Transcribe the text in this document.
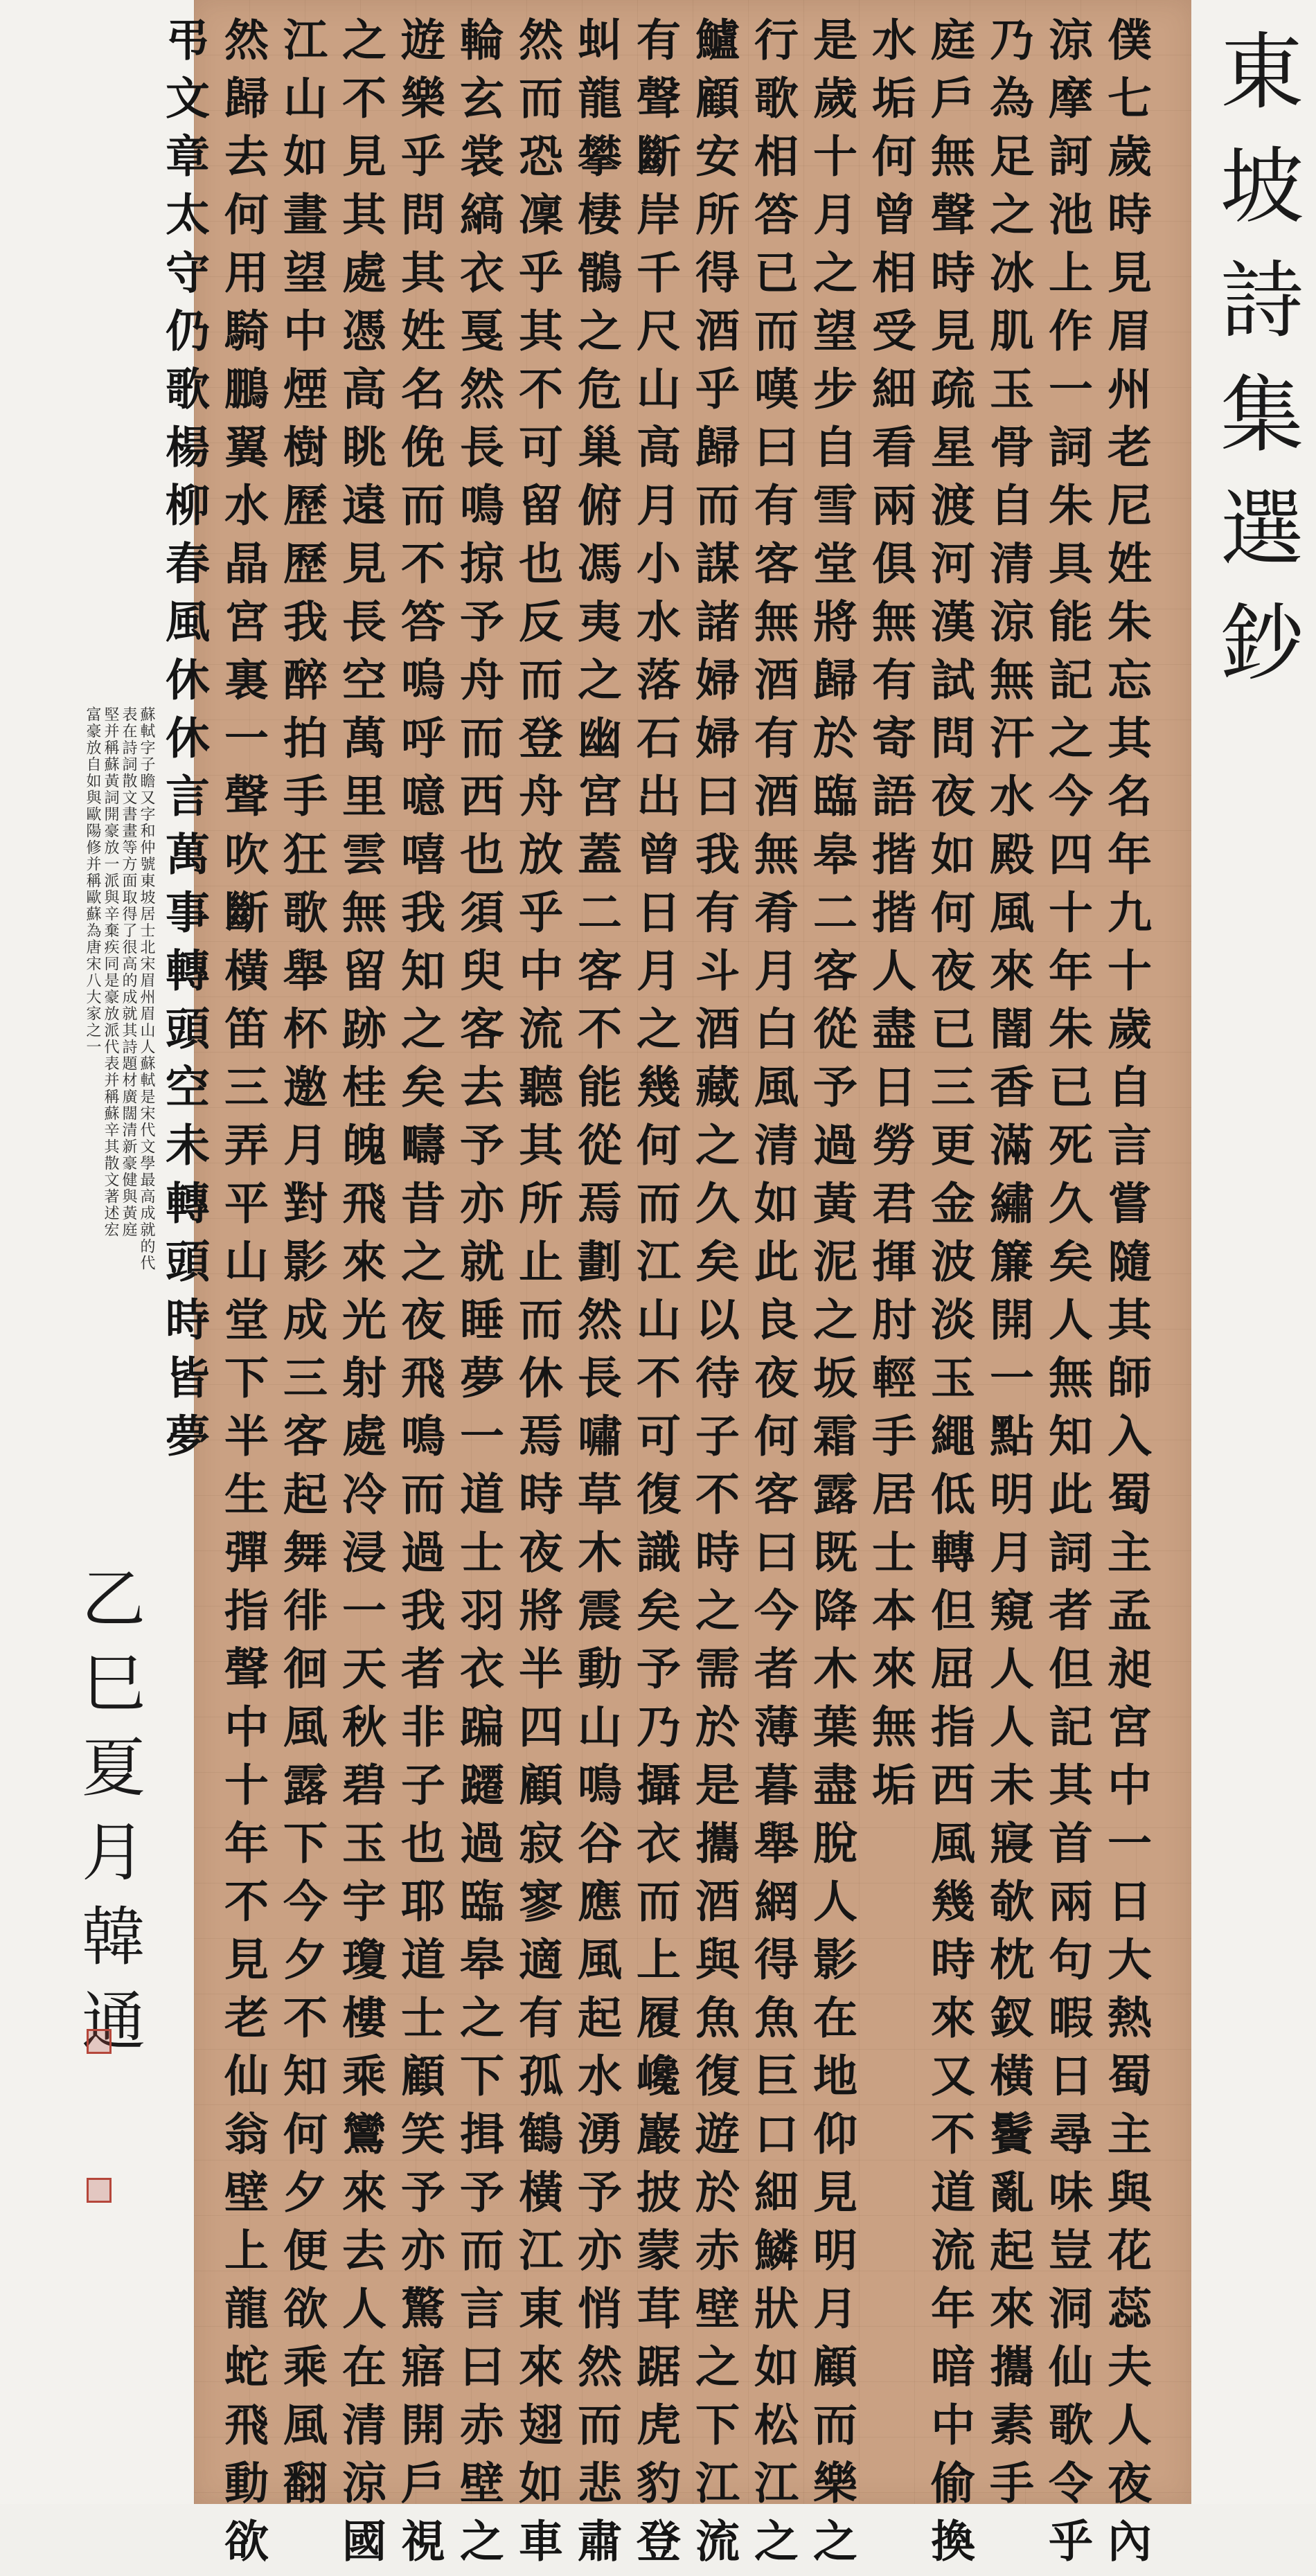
東坡詩集選鈔
僕七歲時見眉州老尼姓朱忘其名年九十歲自言嘗隨其師入蜀主孟昶宮中一日大熱蜀主與花蕊夫人夜內
涼摩訶池上作一詞朱具能記之今四十年朱已死久矣人無知此詞者但記其首兩句暇日尋味豈洞仙歌令乎
乃為足之冰肌玉骨自清涼無汗水殿風來闇香滿繡簾開一點明月窺人人未寢欹枕釵橫鬢亂起來攜素手
庭戶無聲時見疏星渡河漢試問夜如何夜已三更金波淡玉繩低轉但屈指西風幾時來又不道流年暗中偷換
水垢何曾相受細看兩俱無有寄語揩揩人盡日勞君揮肘輕手居士本來無垢
是歲十月之望步自雪堂將歸於臨皋二客從予過黃泥之坂霜露既降木葉盡脫人影在地仰見明月顧而樂之
行歌相答已而嘆曰有客無酒有酒無肴月白風清如此良夜何客曰今者薄暮舉網得魚巨口細鱗狀如松江之
鱸顧安所得酒乎歸而謀諸婦婦曰我有斗酒藏之久矣以待子不時之需於是攜酒與魚復遊於赤壁之下江流
有聲斷岸千尺山高月小水落石出曾日月之幾何而江山不可復識矣予乃攝衣而上履巉巖披蒙茸踞虎豹登
虯龍攀棲鶻之危巢俯馮夷之幽宮蓋二客不能從焉劃然長嘯草木震動山鳴谷應風起水湧予亦悄然而悲肅
然而恐凜乎其不可留也反而登舟放乎中流聽其所止而休焉時夜將半四顧寂寥適有孤鶴橫江東來翅如車
輪玄裳縞衣戛然長鳴掠予舟而西也須臾客去予亦就睡夢一道士羽衣蹁躚過臨皋之下揖予而言曰赤壁之
遊樂乎問其姓名俛而不答嗚呼噫嘻我知之矣疇昔之夜飛鳴而過我者非子也耶道士顧笑予亦驚寤開戶視
之不見其處憑高眺遠見長空萬里雲無留跡桂魄飛來光射處冷浸一天秋碧玉宇瓊樓乘鸞來去人在清涼國
江山如畫望中煙樹歷歷我醉拍手狂歌舉杯邀月對影成三客起舞徘徊風露下今夕不知何夕便欲乘風翻
然歸去何用騎鵬翼水晶宮裏一聲吹斷橫笛三弄平山堂下半生彈指聲中十年不見老仙翁壁上龍蛇飛動欲
弔文章太守仍歌楊柳春風休休言萬事轉頭空未轉頭時皆夢
蘇軾字子瞻又字和仲號東坡居士北宋眉州眉山人蘇軾是宋代文學最高成就的代
表在詩詞散文書畫等方面取得了很高的成就其詩題材廣闊清新豪健與黃庭
堅并稱蘇黃詞開豪放一派與辛棄疾同是豪放派代表并稱蘇辛其散文著述宏
富豪放自如與歐陽修并稱歐蘇為唐宋八大家之一
乙巳夏月韓通
